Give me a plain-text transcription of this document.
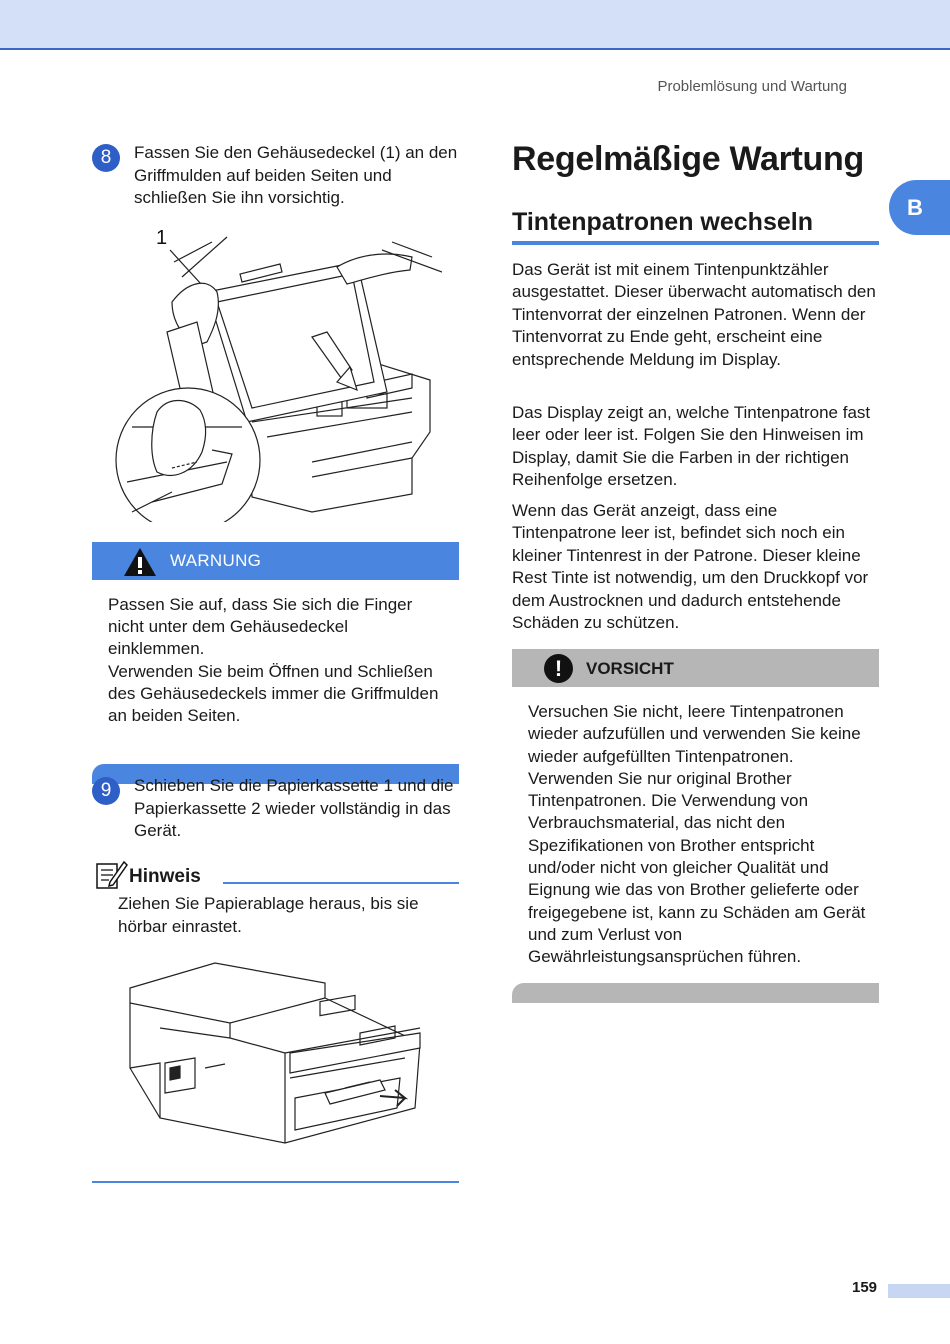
Problemlösung und Wartung
B
8	Fassen Sie den Gehäusedeckel (1) an den Griffmulden auf beiden Seiten und schließen Sie ihn vorsichtig.
1
WARNUNG
Passen Sie auf, dass Sie sich die Finger nicht unter dem Gehäusedeckel einklemmen.
Verwenden Sie beim Öffnen und Schließen des Gehäusedeckels immer die Griffmulden an beiden Seiten.
9	Schieben Sie die Papierkassette 1 und die Papierkassette 2 wieder vollständig in das Gerät.
Hinweis
Ziehen Sie Papierablage heraus, bis sie hörbar einrastet.
Regelmäßige Wartung
Tintenpatronen wechseln
Das Gerät ist mit einem Tintenpunktzähler ausgestattet. Dieser überwacht automatisch den Tintenvorrat der einzelnen Patronen. Wenn der Tintenvorrat zu Ende geht, erscheint eine entsprechende Meldung im Display.
Das Display zeigt an, welche Tintenpatrone fast leer oder leer ist. Folgen Sie den Hinweisen im Display, damit Sie die Farben in der richtigen Reihenfolge ersetzen.
Wenn das Gerät anzeigt, dass eine Tintenpatrone leer ist, befindet sich noch ein kleiner Tintenrest in der Patrone. Dieser kleine Rest Tinte ist notwendig, um den Druckkopf vor dem Austrocknen und dadurch entstehende Schäden zu schützen.
!	VORSICHT
Versuchen Sie nicht, leere Tintenpatronen wieder aufzufüllen und verwenden Sie keine wieder aufgefüllten Tintenpatronen. Verwenden Sie nur original Brother Tintenpatronen. Die Verwendung von Verbrauchsmaterial, das nicht den Spezifikationen von Brother entspricht und/oder nicht von gleicher Qualität und Eignung wie das von Brother gelieferte oder freigegebene ist, kann zu Schäden am Gerät und zum Verlust von Gewährleistungsansprüchen führen.
159
